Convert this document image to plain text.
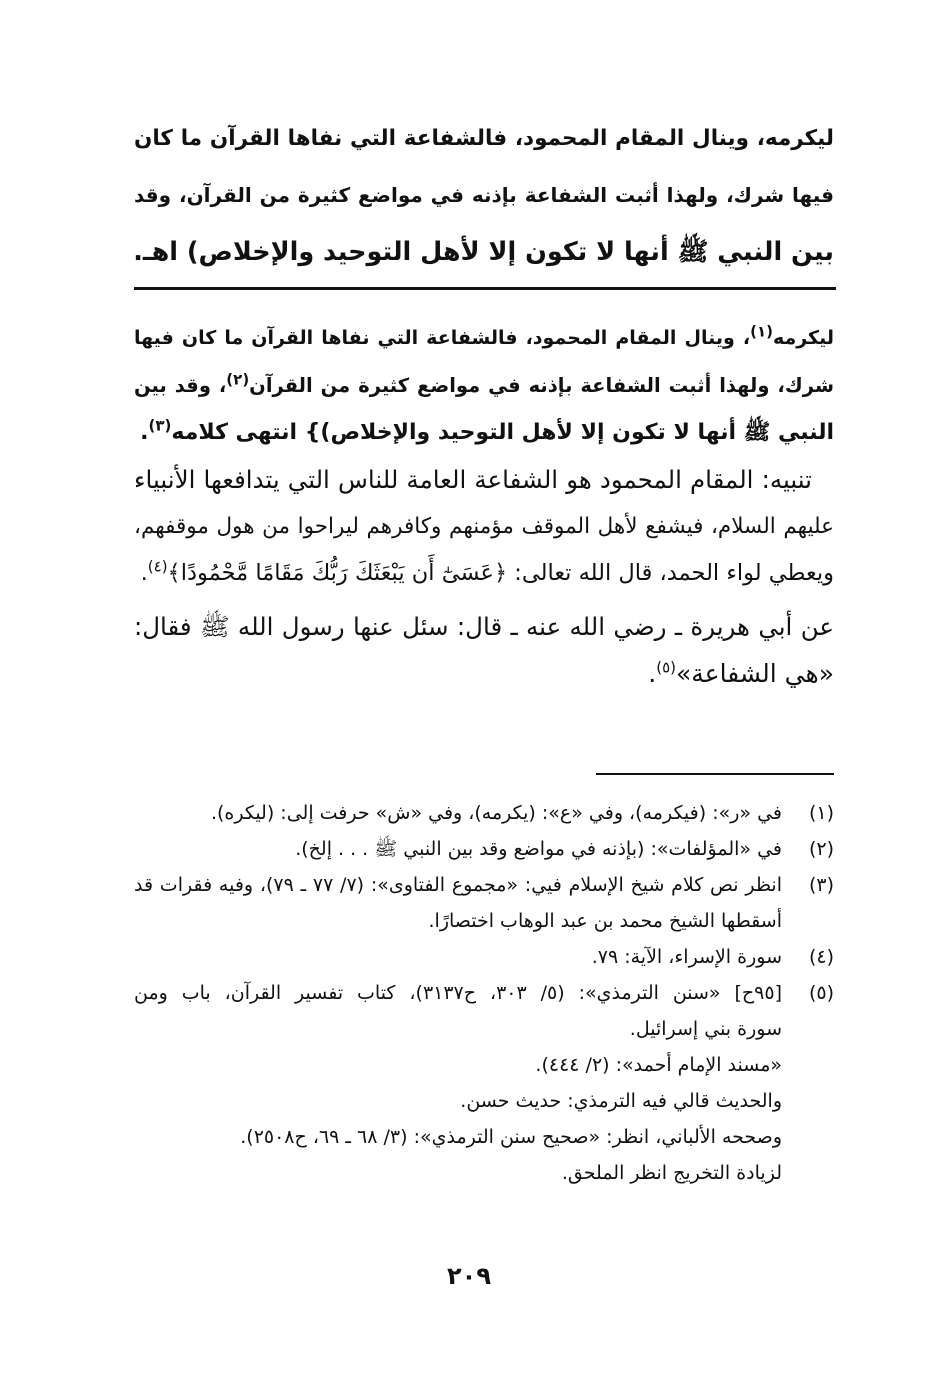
ليكرمه، وينال المقام المحمود، فالشفاعة التي نفاها القرآن ما كان
فيها شرك، ولهذا أثبت الشفاعة بإذنه في مواضع كثيرة من القرآن، وقد
بين النبي ﷺ أنها لا تكون إلا لأهل التوحيد والإخلاص) اهـ.
ليكرمه$^{(١)}$، وينال المقام المحمود، فالشفاعة التي نفاها القرآن ما كان فيها
شرك، ولهذا أثبت الشفاعة بإذنه في مواضع كثيرة من القرآن$^{(٢)}$، وقد بين
النبي ﷺ أنها لا تكون إلا لأهل التوحيد والإخلاص)} انتهى كلامه$^{(٣)}$.
تنبيه: المقام المحمود هو الشفاعة العامة للناس التي يتدافعها الأنبياء
عليهم السلام، فيشفع لأهل الموقف مؤمنهم وكافرهم ليراحوا من هول موقفهم،
ويعطي لواء الحمد، قال الله تعالى: ﴿عَسَىٰٓ أَن يَبْعَثَكَ رَبُّكَ مَقَامًا مَّحْمُودًا﴾$^{(٤)}$.
عن أبي هريرة ـ رضي الله عنه ـ قال: سئل عنها رسول الله ﷺ فقال:
«هي الشفاعة»$^{(٥)}$.
(١)
في «ر»: (فيكرمه)، وفي «ع»: (يكرمه)، وفي «ش» حرفت إلى: (ليكره).
(٢)
في «المؤلفات»: (بإذنه في مواضع وقد بين النبي ﷺ . . . إلخ).
(٣)
انظر نص كلام شيخ الإسلام فيي: «مجموع الفتاوى»: (٧/ ٧٧ ـ ٧٩)، وفيه فقرات قد
أسقطها الشيخ محمد بن عبد الوهاب اختصارًا.
(٤)
سورة الإسراء، الآية: ٧٩.
(٥)
[٩٥ح] «سنن الترمذي»: (٥/ ٣٠٣، ح٣١٣٧)، كتاب تفسير القرآن، باب ومن
سورة بني إسرائيل.
«مسند الإمام أحمد»: (٢/ ٤٤٤).
والحديث قالي فيه الترمذي: حديث حسن.
وصححه الألباني، انظر: «صحيح سنن الترمذي»: (٣/ ٦٨ ـ ٦٩، ح٢٥٠٨).
لزيادة التخريج انظر الملحق.
٢٠٩
